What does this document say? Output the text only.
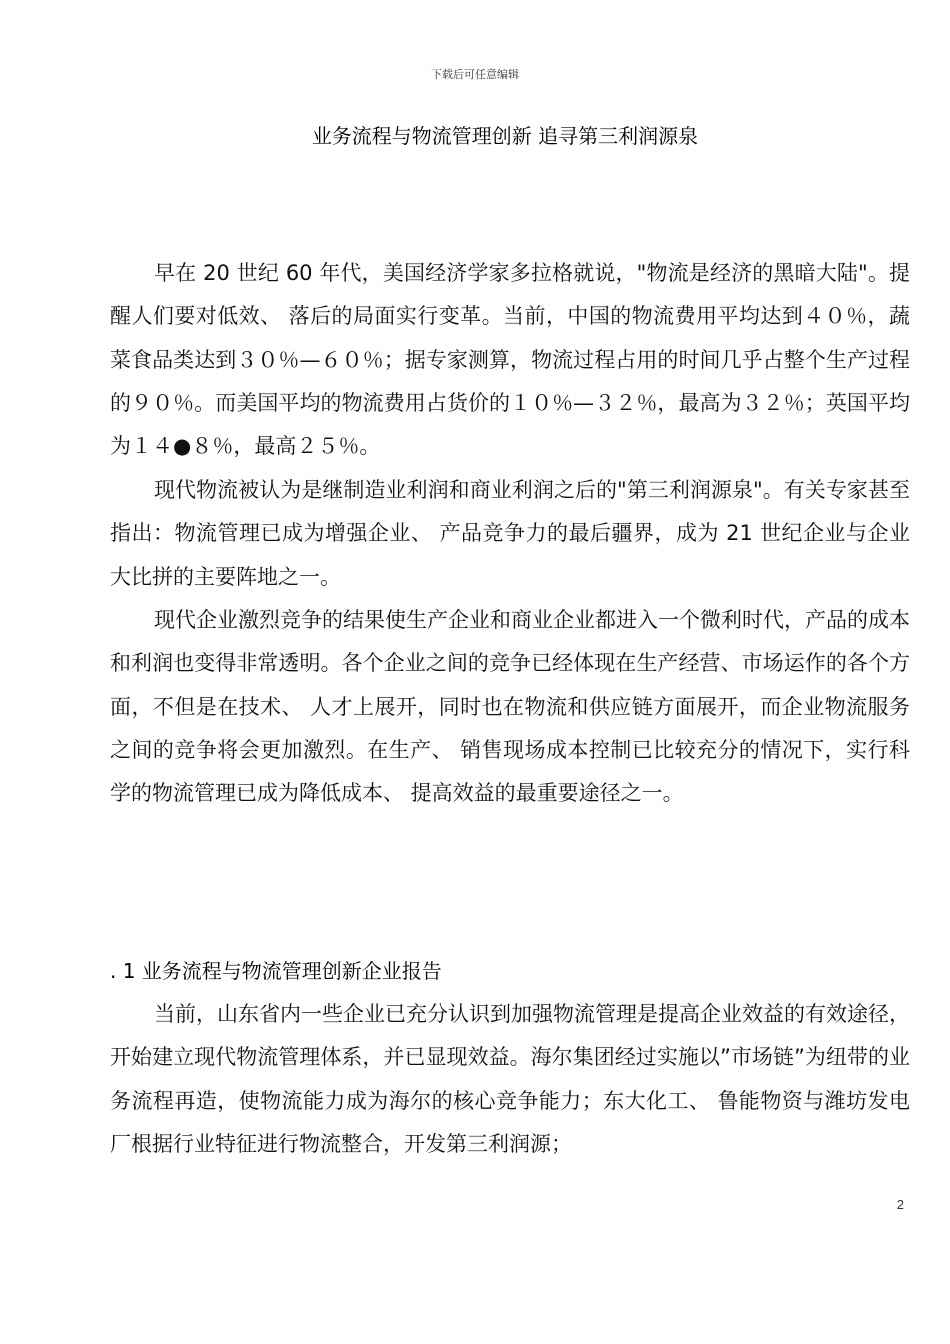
下载后可任意编辑
业务流程与物流管理创新 追寻第三利润源泉

早在 20 世纪 60 年代，美国经济学家多拉格就说，"物流是经济的黑暗大陆"。提醒人们要对低效、 落后的局面实行变革。当前，中国的物流费用平均达到４０％，蔬菜食品类达到３０％—６０％；据专家测算，物流过程占用的时间几乎占整个生产过程的９０％。而美国平均的物流费用占货价的１０％—３２％，最高为３２％；英国平均为１４●８％，最高２５％。

现代物流被认为是继制造业利润和商业利润之后的"第三利润源泉"。有关专家甚至指出：物流管理已成为增强企业、 产品竞争力的最后疆界，成为 21 世纪企业与企业大比拼的主要阵地之一。

现代企业激烈竞争的结果使生产企业和商业企业都进入一个微利时代，产品的成本和利润也变得非常透明。各个企业之间的竞争已经体现在生产经营、市场运作的各个方面，不但是在技术、 人才上展开，同时也在物流和供应链方面展开，而企业物流服务之间的竞争将会更加激烈。在生产、 销售现场成本控制已比较充分的情况下，实行科学的物流管理已成为降低成本、 提高效益的最重要途径之一。

. 1 业务流程与物流管理创新企业报告

当前，山东省内一些企业已充分认识到加强物流管理是提高企业效益的有效途径，开始建立现代物流管理体系，并已显现效益。海尔集团经过实施以”市场链”为纽带的业务流程再造，使物流能力成为海尔的核心竞争能力；东大化工、 鲁能物资与潍坊发电厂根据行业特征进行物流整合，开发第三利润源；

2
